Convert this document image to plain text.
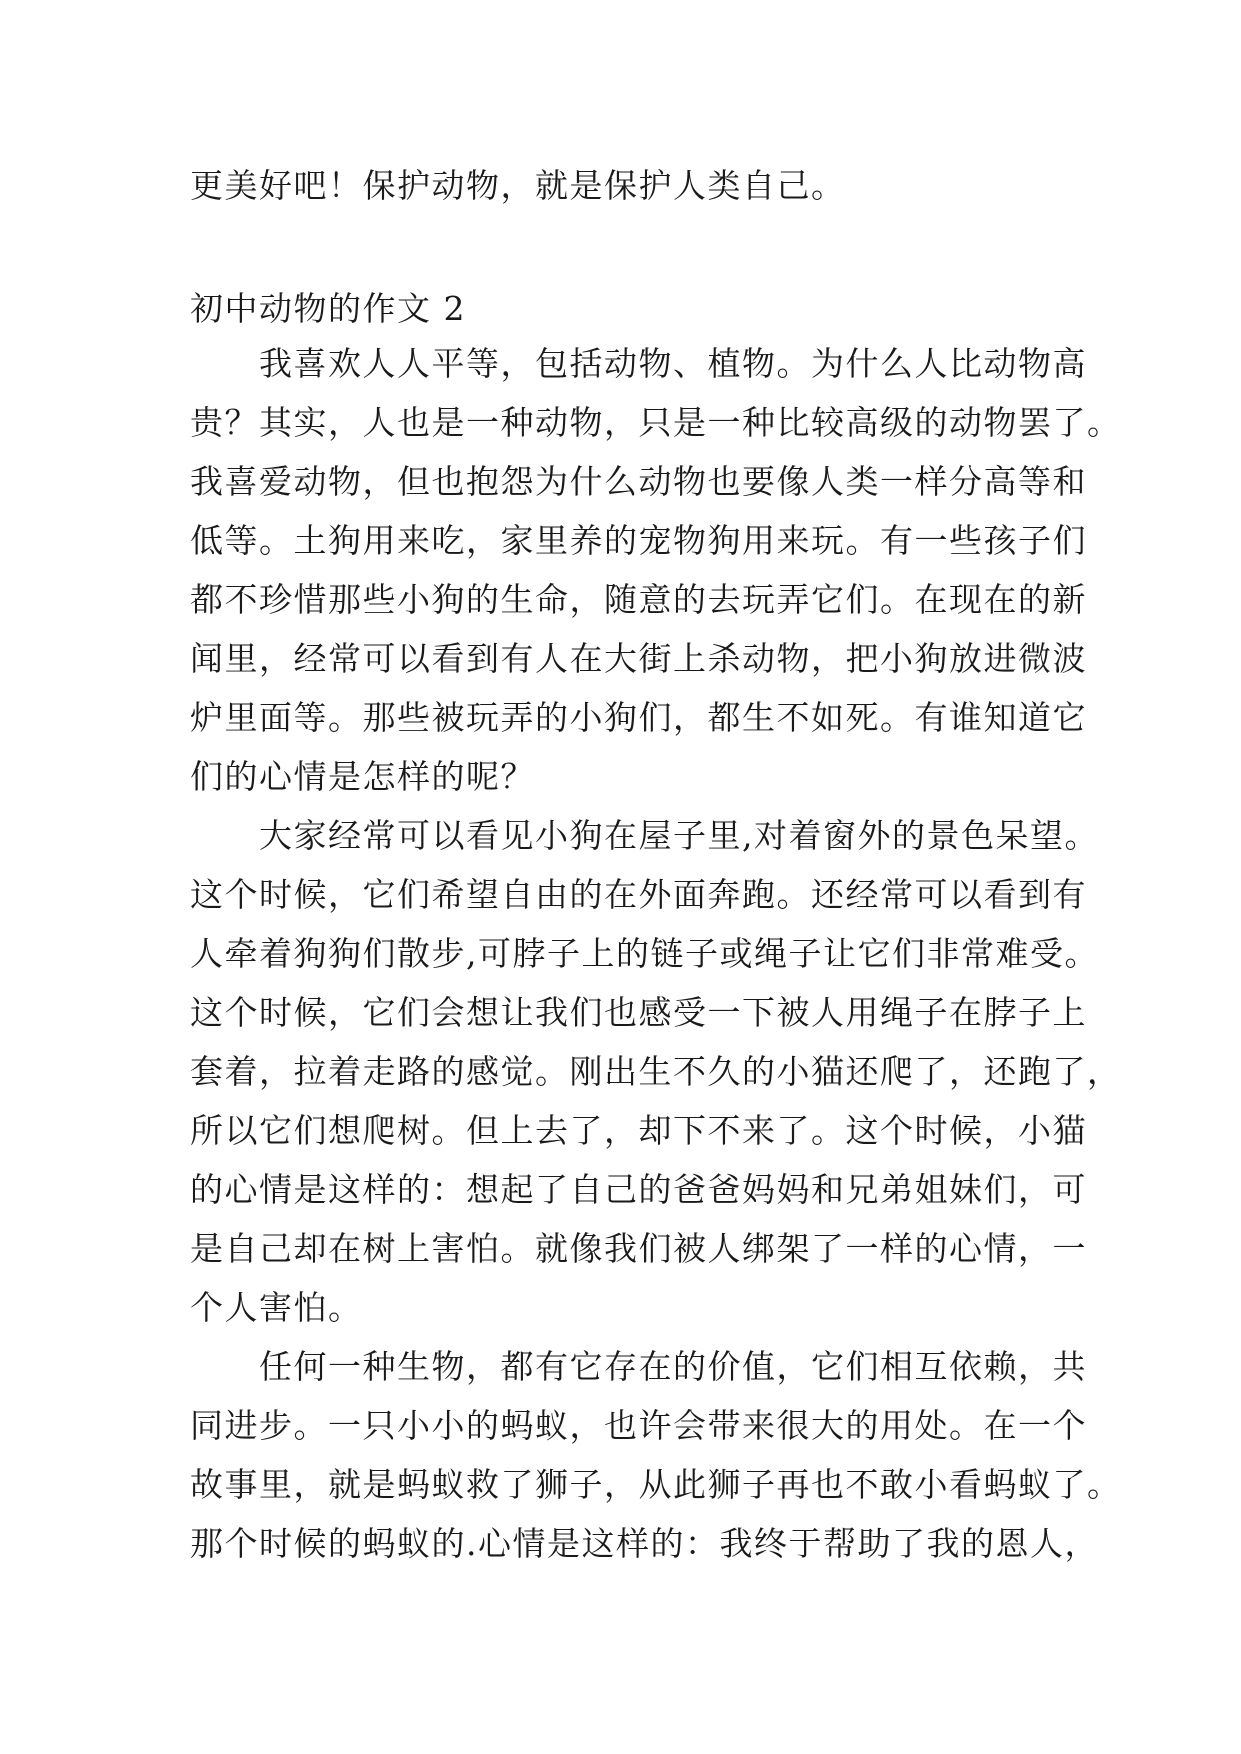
更美好吧！保护动物，就是保护人类自己。
初中动物的作文 2
　　我喜欢人人平等，包括动物、植物。为什么人比动物高
贵？其实，人也是一种动物，只是一种比较高级的动物罢了。
我喜爱动物，但也抱怨为什么动物也要像人类一样分高等和
低等。土狗用来吃，家里养的宠物狗用来玩。有一些孩子们
都不珍惜那些小狗的生命，随意的去玩弄它们。在现在的新
闻里，经常可以看到有人在大街上杀动物，把小狗放进微波
炉里面等。那些被玩弄的小狗们，都生不如死。有谁知道它
们的心情是怎样的呢？
　　大家经常可以看见小狗在屋子里,对着窗外的景色呆望。
这个时候，它们希望自由的在外面奔跑。还经常可以看到有
人牵着狗狗们散步,可脖子上的链子或绳子让它们非常难受。
这个时候，它们会想让我们也感受一下被人用绳子在脖子上
套着，拉着走路的感觉。刚出生不久的小猫还爬了，还跑了，
所以它们想爬树。但上去了，却下不来了。这个时候，小猫
的心情是这样的：想起了自己的爸爸妈妈和兄弟姐妹们，可
是自己却在树上害怕。就像我们被人绑架了一样的心情，一
个人害怕。
　　任何一种生物，都有它存在的价值，它们相互依赖，共
同进步。一只小小的蚂蚁，也许会带来很大的用处。在一个
故事里，就是蚂蚁救了狮子，从此狮子再也不敢小看蚂蚁了。
那个时候的蚂蚁的.心情是这样的：我终于帮助了我的恩人，
